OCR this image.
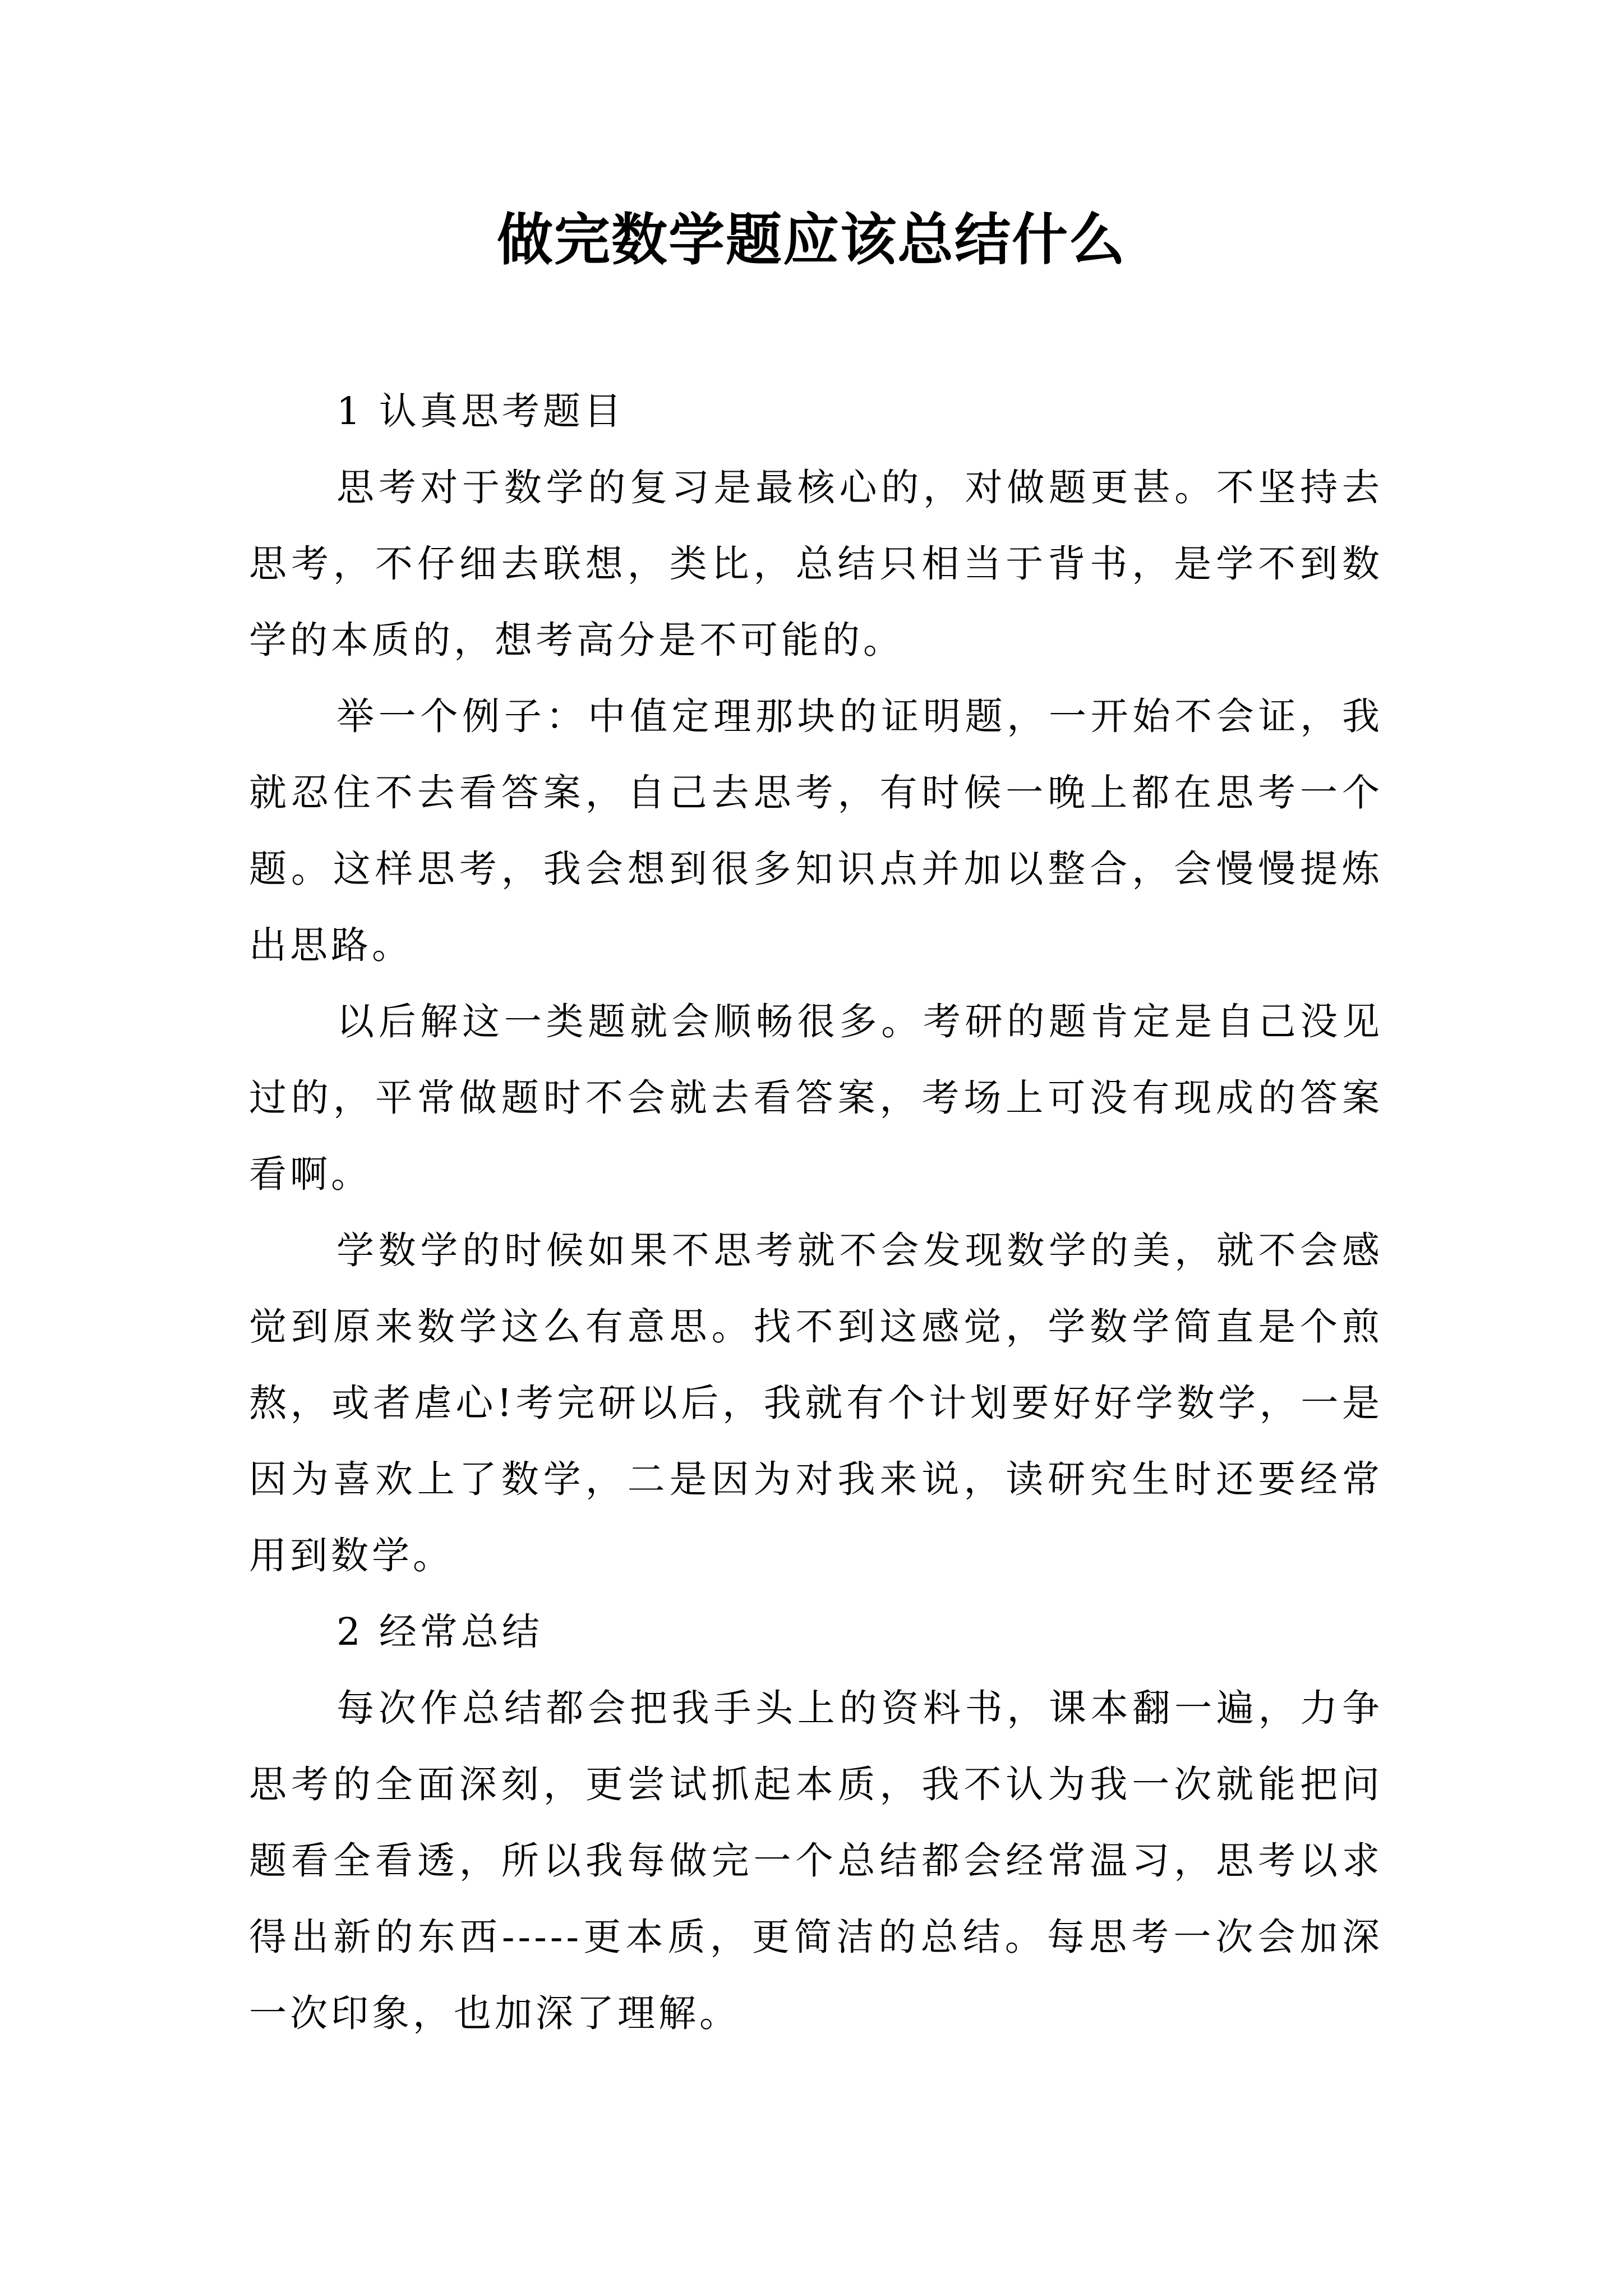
做完数学题应该总结什么

1 认真思考题目

思考对于数学的复习是最核心的，对做题更甚。不坚持去思考，不仔细去联想，类比，总结只相当于背书，是学不到数学的本质的，想考高分是不可能的。

举一个例子：中值定理那块的证明题，一开始不会证，我就忍住不去看答案，自己去思考，有时候一晚上都在思考一个题。这样思考，我会想到很多知识点并加以整合，会慢慢提炼出思路。

以后解这一类题就会顺畅很多。考研的题肯定是自己没见过的，平常做题时不会就去看答案，考场上可没有现成的答案看啊。

学数学的时候如果不思考就不会发现数学的美，就不会感觉到原来数学这么有意思。找不到这感觉，学数学简直是个煎熬，或者虐心!考完研以后，我就有个计划要好好学数学，一是因为喜欢上了数学，二是因为对我来说，读研究生时还要经常用到数学。

2 经常总结

每次作总结都会把我手头上的资料书，课本翻一遍，力争思考的全面深刻，更尝试抓起本质，我不认为我一次就能把问题看全看透，所以我每做完一个总结都会经常温习，思考以求得出新的东西-----更本质，更简洁的总结。每思考一次会加深一次印象，也加深了理解。
